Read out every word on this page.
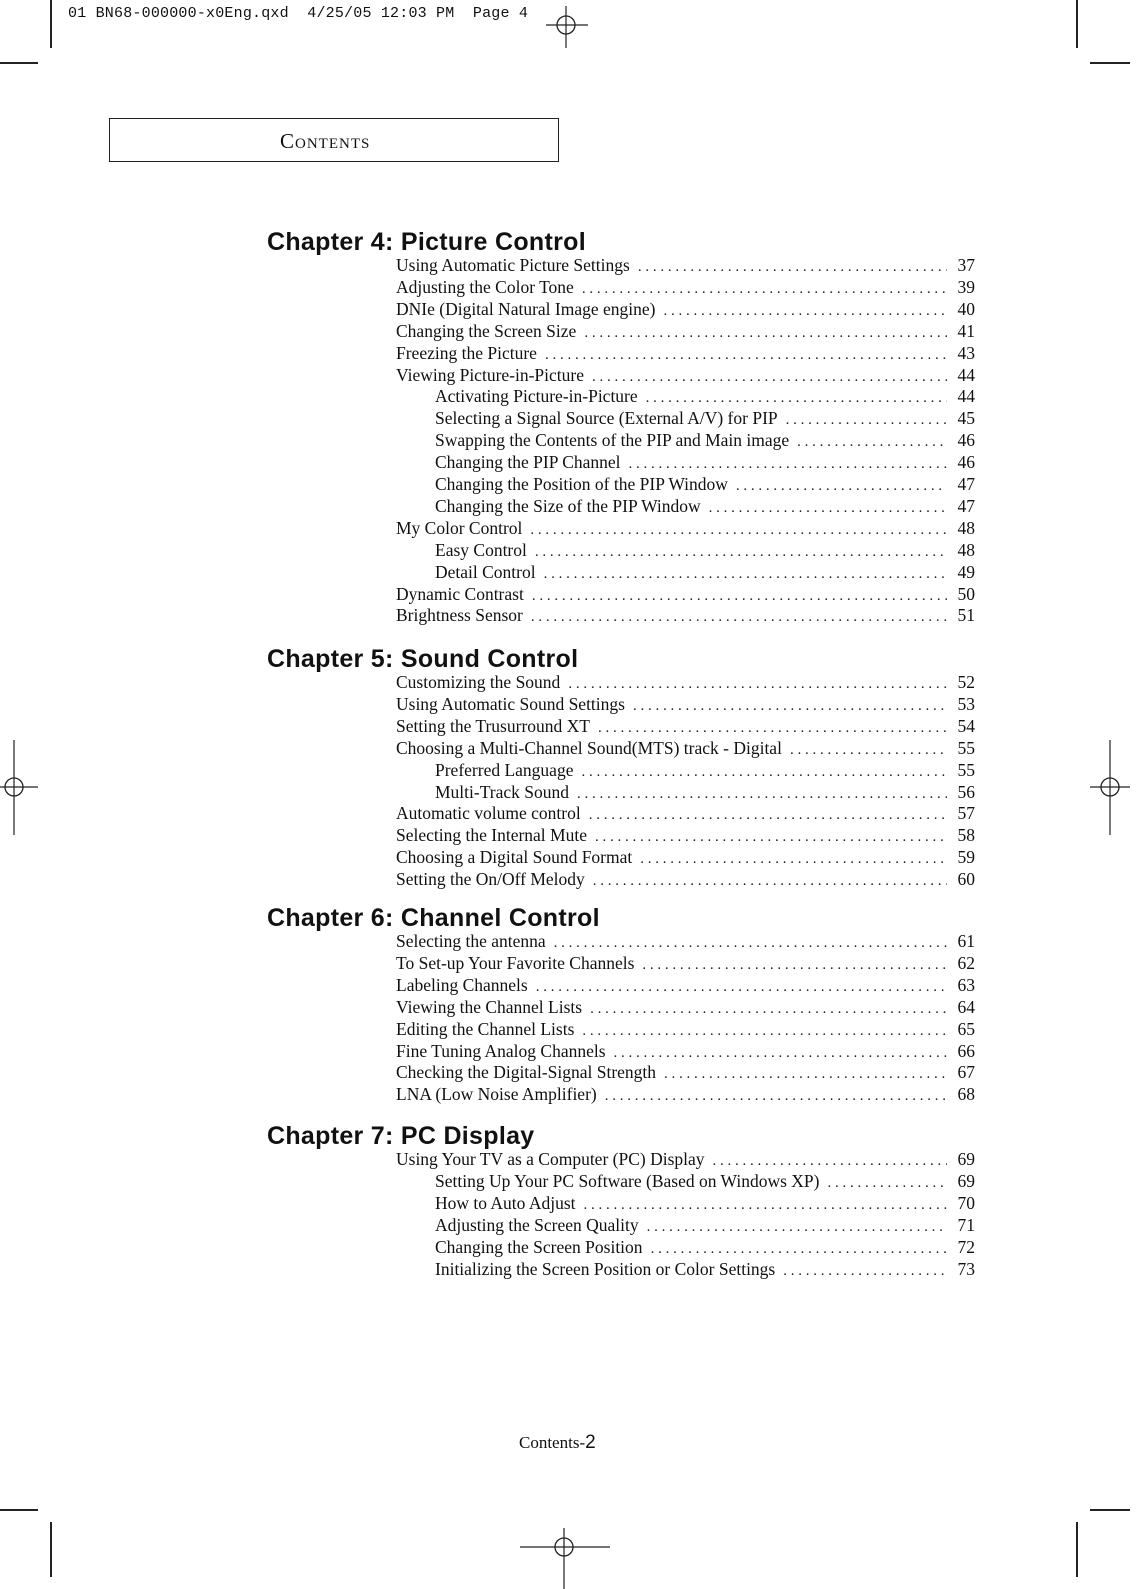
01 BN68-000000-x0Eng.qxd  4/25/05 12:03 PM  Page 4
Contents
Chapter 4: Picture Control
Using Automatic Picture Settings . . .	37
Adjusting the Color Tone . . .	39
DNIe (Digital Natural Image engine) . . .	40
Changing the Screen Size . . .	41
Freezing the Picture . . .	43
Viewing Picture-in-Picture . . .	44
Activating Picture-in-Picture . . .	44
Selecting a Signal Source (External A/V) for PIP . . .	45
Swapping the Contents of the PIP and Main image . . .	46
Changing the PIP Channel . . .	46
Changing the Position of the PIP Window . . .	47
Changing the Size of the PIP Window . . .	47
My Color Control . . .	48
Easy Control . . .	48
Detail Control . . .	49
Dynamic Contrast . . .	50
Brightness Sensor . . .	51
Chapter 5: Sound Control
Customizing the Sound . . .	52
Using Automatic Sound Settings . . .	53
Setting the Trusurround XT . . .	54
Choosing a Multi-Channel Sound(MTS) track - Digital . . .	55
Preferred Language . . .	55
Multi-Track Sound . . .	56
Automatic volume control . . .	57
Selecting the Internal Mute . . .	58
Choosing a Digital Sound Format . . .	59
Setting the On/Off Melody . . .	60
Chapter 6: Channel Control
Selecting the antenna . . .	61
To Set-up Your Favorite Channels . . .	62
Labeling Channels . . .	63
Viewing the Channel Lists . . .	64
Editing the Channel Lists . . .	65
Fine Tuning Analog Channels . . .	66
Checking the Digital-Signal Strength . . .	67
LNA (Low Noise Amplifier) . . .	68
Chapter 7: PC Display
Using Your TV as a Computer (PC) Display . . .	69
Setting Up Your PC Software (Based on Windows XP) . . .	69
How to Auto Adjust . . .	70
Adjusting the Screen Quality . . .	71
Changing the Screen Position . . .	72
Initializing the Screen Position or Color Settings . . .	73
Contents-2
